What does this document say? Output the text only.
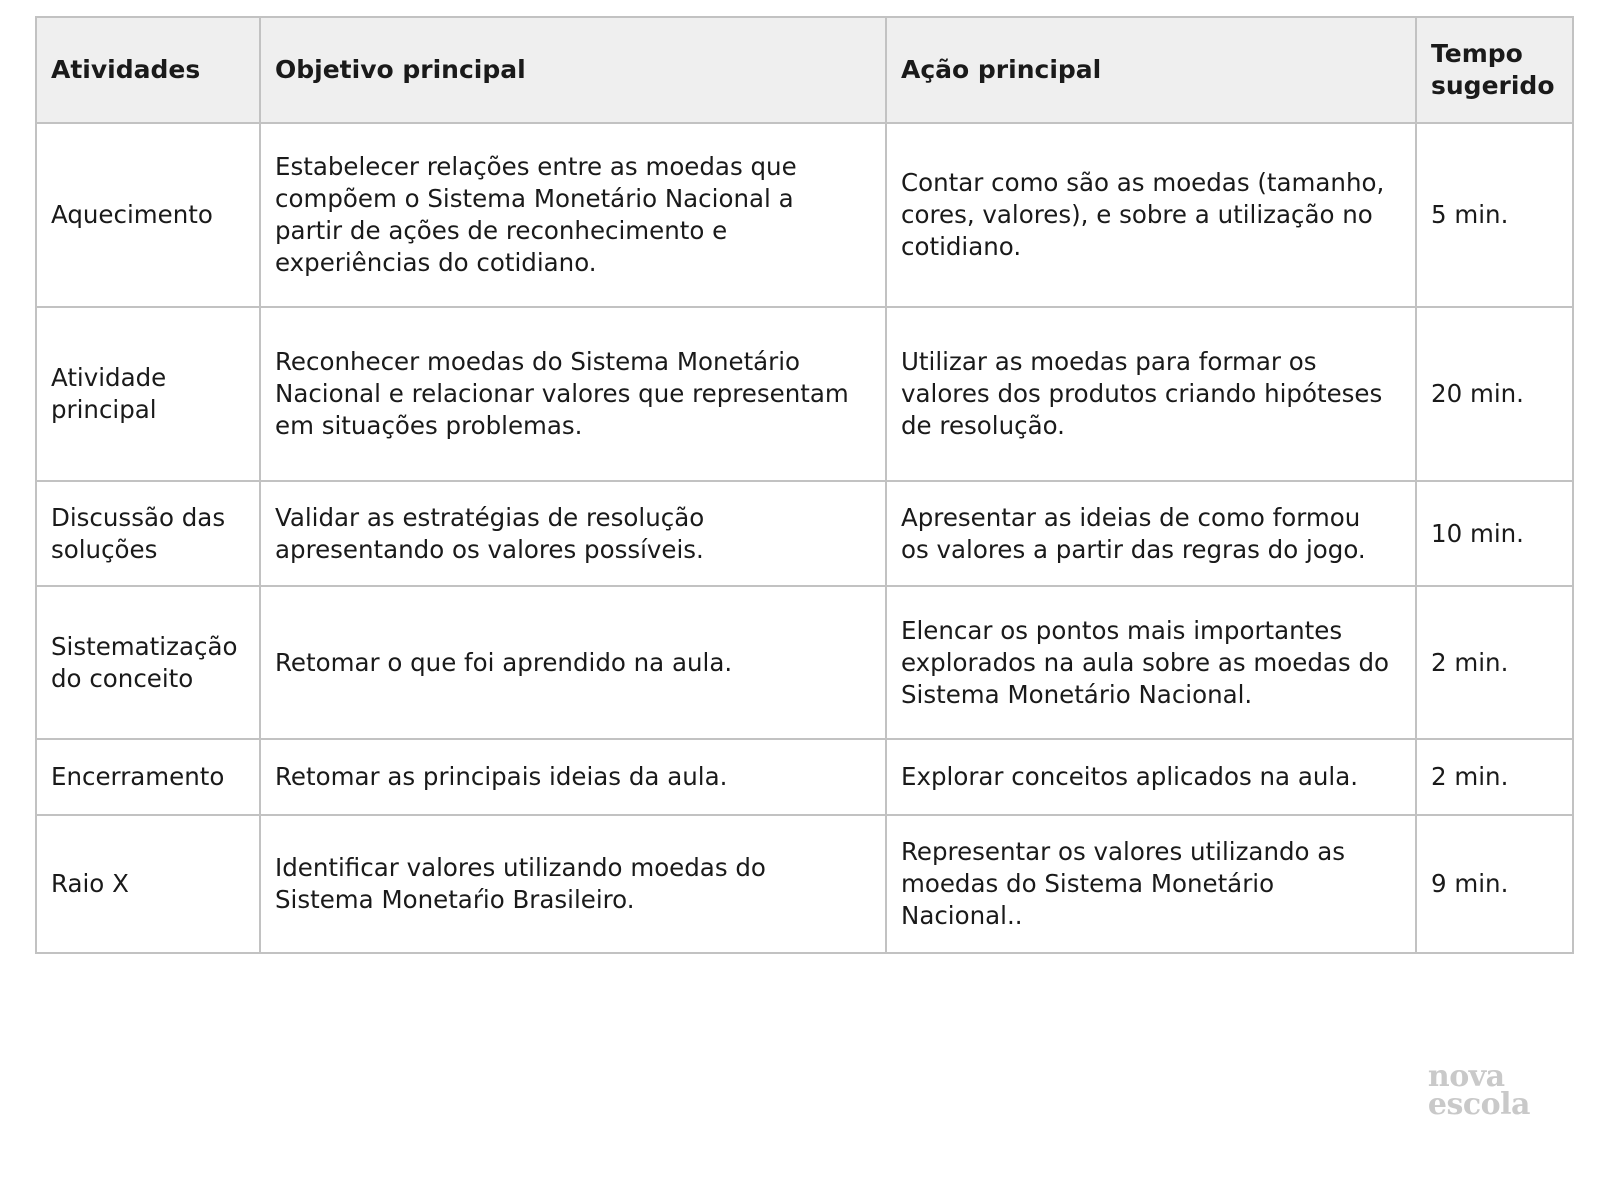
Atividades	Objetivo principal	Ação principal	Tempo
sugerido
Aquecimento	Estabelecer relações entre as moedas que
compõem o Sistema Monetário Nacional a
partir de ações de reconhecimento e
experiências do cotidiano.	Contar como são as moedas (tamanho,
cores, valores), e sobre a utilização no
cotidiano.	5 min.
Atividade
principal	Reconhecer moedas do Sistema Monetário
Nacional e relacionar valores que representam
em situações problemas.	Utilizar as moedas para formar os
valores dos produtos criando hipóteses
de resolução.	20 min.
Discussão das
soluções	Validar as estratégias de resolução
apresentando os valores possíveis.	Apresentar as ideias de como formou
os valores a partir das regras do jogo.	10 min.
Sistematização
do conceito	Retomar o que foi aprendido na aula.	Elencar os pontos mais importantes
explorados na aula sobre as moedas do
Sistema Monetário Nacional.	2 min.
Encerramento	Retomar as principais ideias da aula.	Explorar conceitos aplicados na aula.	2 min.
Raio X	Identificar valores utilizando moedas do
Sistema Monetaŕio Brasileiro.	Representar os valores utilizando as
moedas do Sistema Monetário
Nacional..	9 min.
nova
escola
